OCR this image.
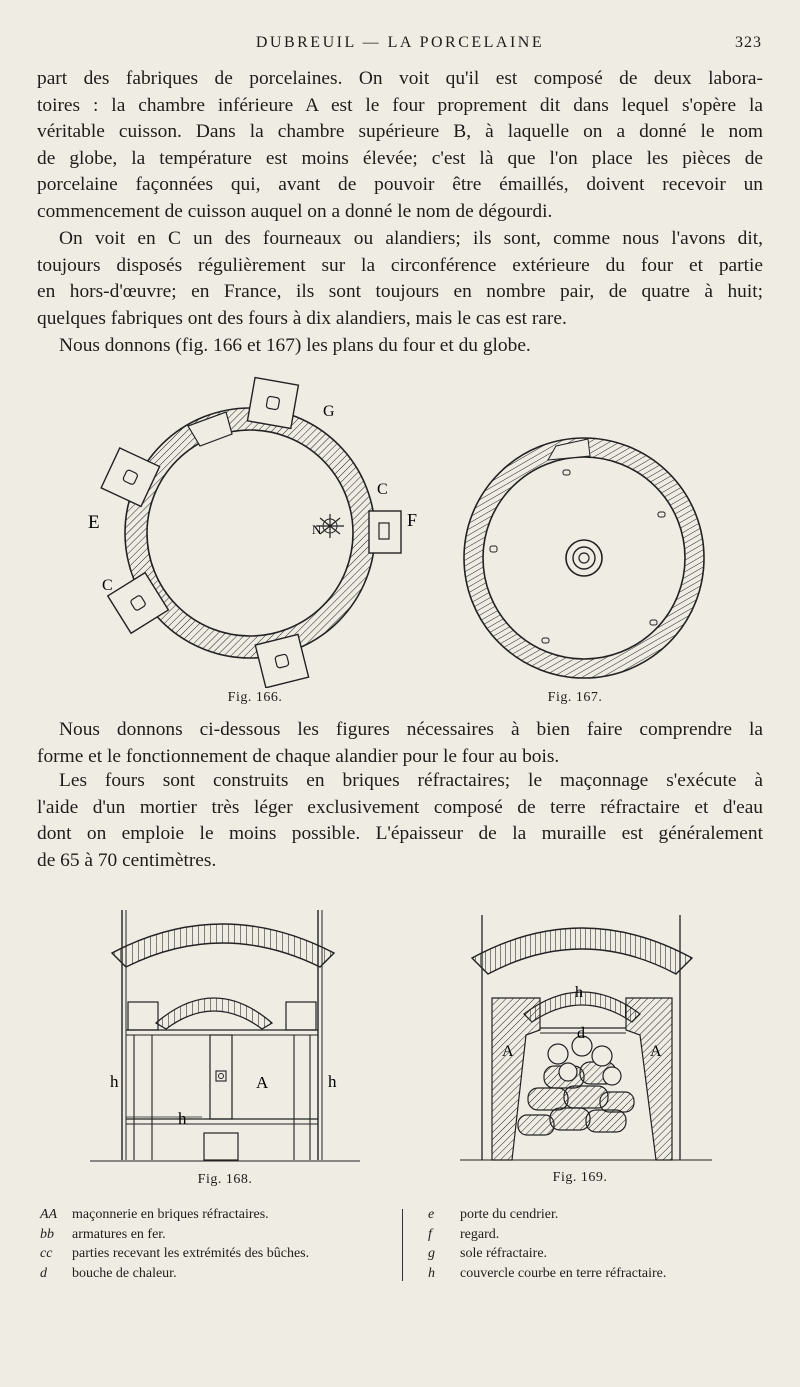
DUBREUIL — LA PORCELAINE	323
part des fabriques de porcelaines. On voit qu'il est composé de deux labora-
toires : la chambre inférieure A est le four proprement dit dans lequel s'opère la
véritable cuisson. Dans la chambre supérieure B, à laquelle on a donné le nom
de globe, la température est moins élevée; c'est là que l'on place les pièces de
porcelaine façonnées qui, avant de pouvoir être émaillés, doivent recevoir un
commencement de cuisson auquel on a donné le nom de dégourdi.
On voit en C un des fourneaux ou alandiers; ils sont, comme nous l'avons dit,
toujours disposés régulièrement sur la circonférence extérieure du four et partie
en hors-d'œuvre; en France, ils sont toujours en nombre pair, de quatre à huit;
quelques fabriques ont des fours à dix alandiers, mais le cas est rare.
Nous donnons (fig. 166 et 167) les plans du four et du globe.
N
G
C
E	F
C
Fig. 166.	Fig. 167.
Nous donnons ci-dessous les figures nécessaires à bien faire comprendre la
forme et le fonctionnement de chaque alandier pour le four au bois.
Les fours sont construits en briques réfractaires; le maçonnage s'exécute à
l'aide d'un mortier très léger exclusivement composé de terre réfractaire et d'eau
dont on emploie le moins possible. L'épaisseur de la muraille est généralement
de 65 à 70 centimètres.
h	h
h
A
Fig. 168.
h
d
A	A
Fig. 169.
AA maçonnerie en briques réfractaires.
bb armatures en fer.
cc parties recevant les extrémités des bûches.
d bouche de chaleur.
e porte du cendrier.
f regard.
g sole réfractaire.
h couvercle courbe en terre réfractaire.
